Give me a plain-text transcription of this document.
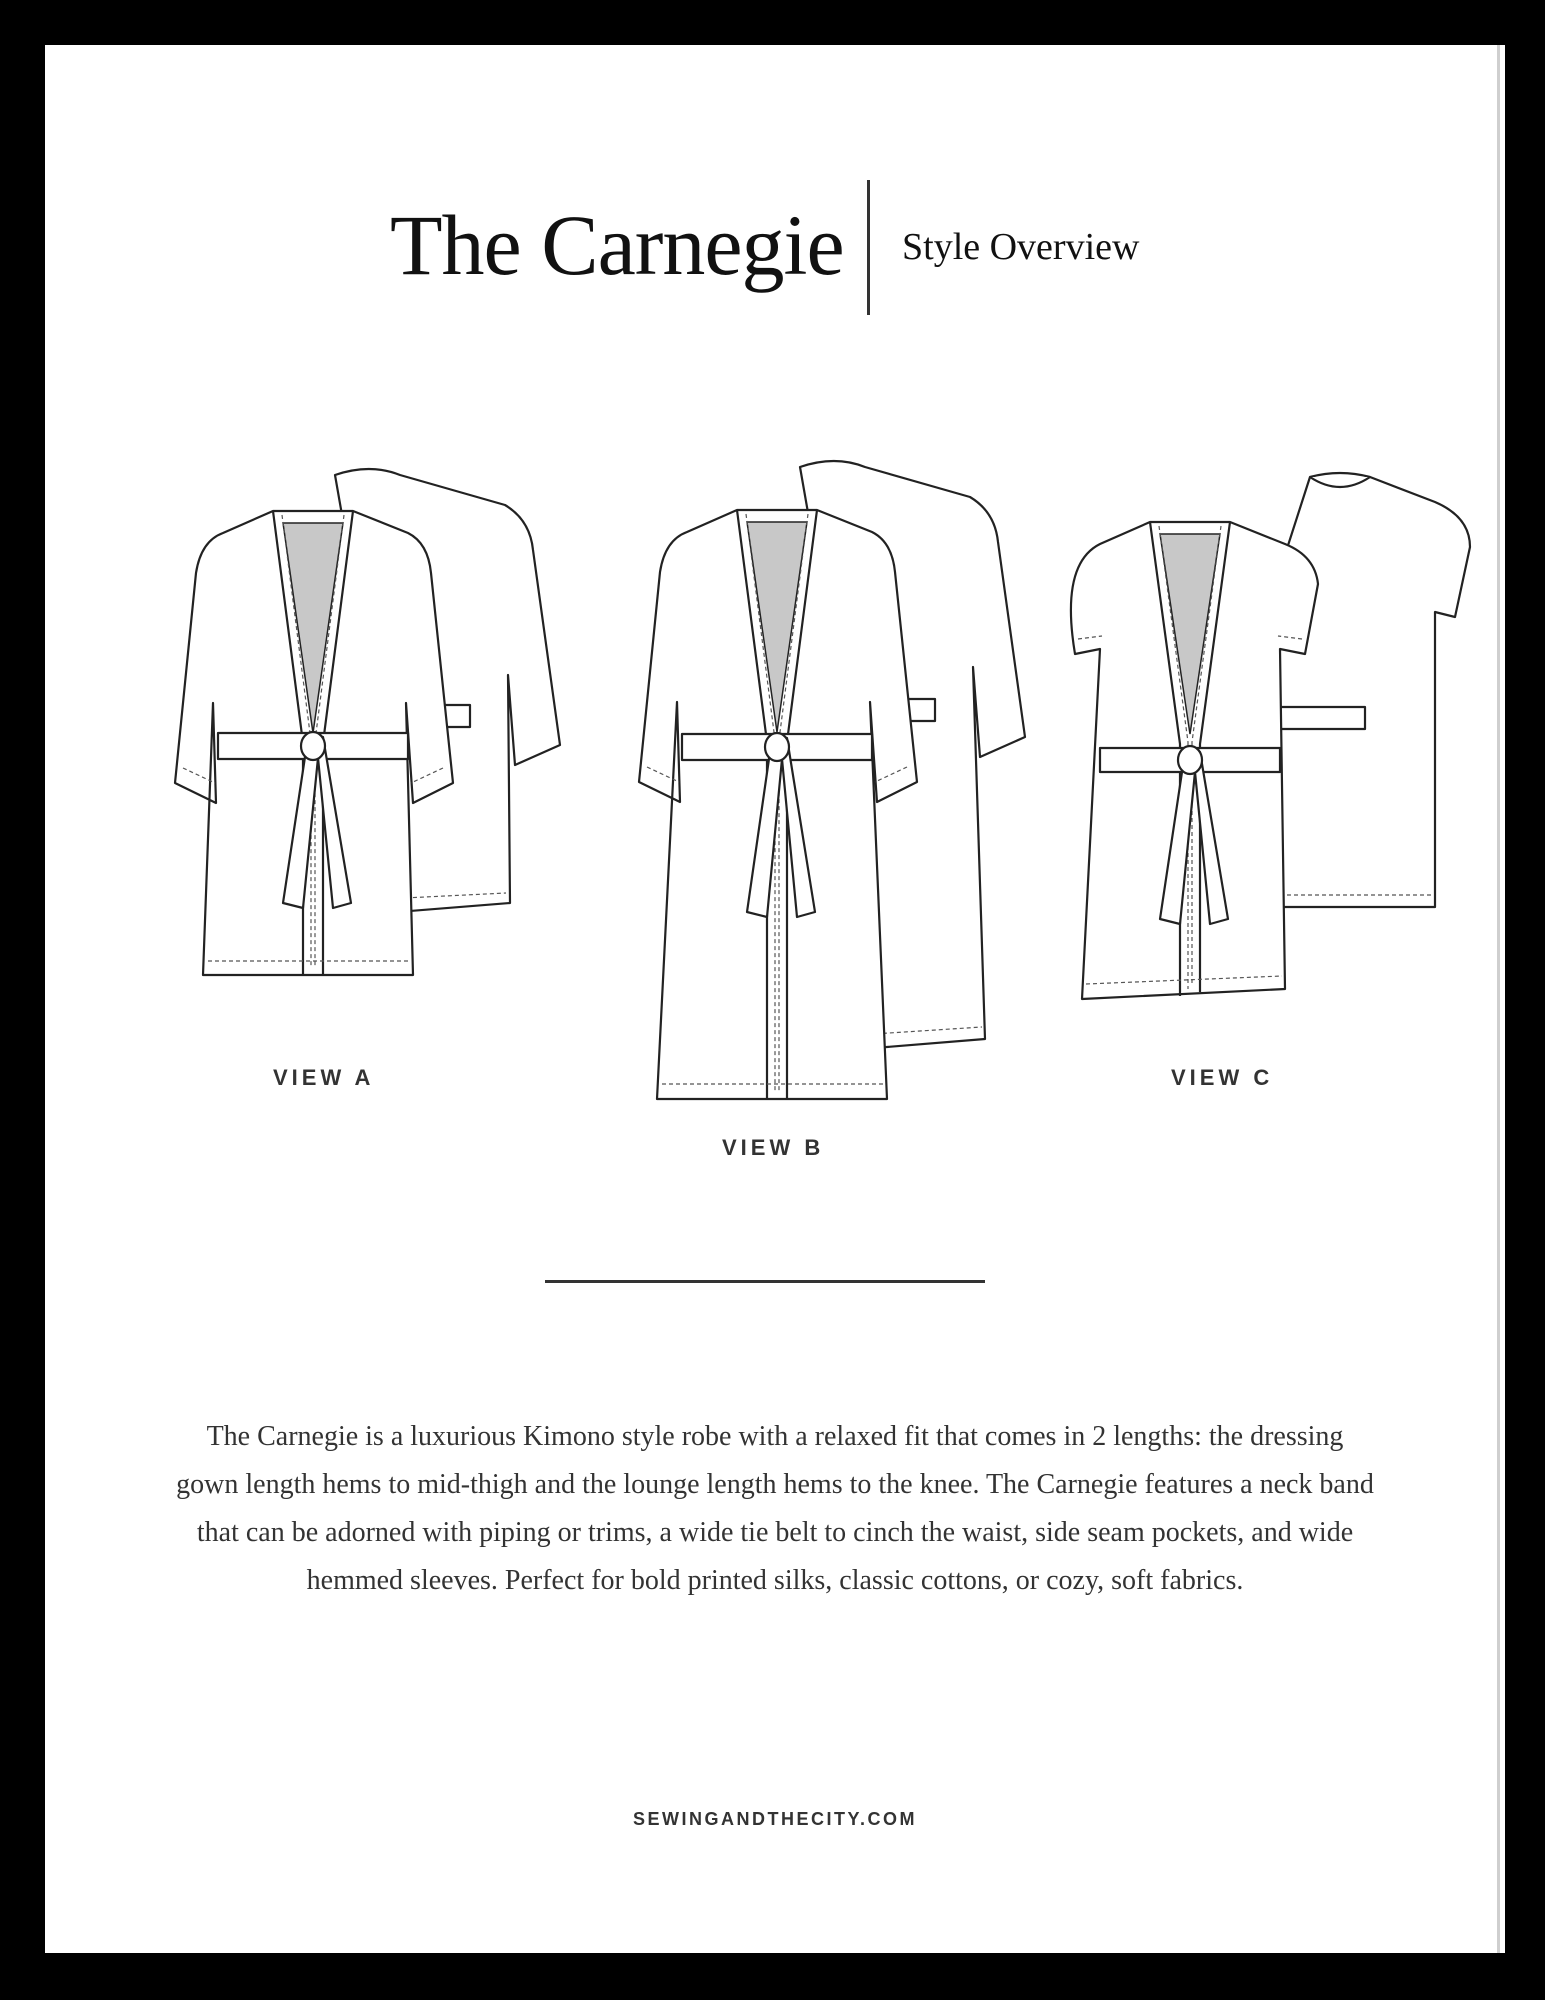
The Carnegie Style Overview
VIEW A
VIEW B
VIEW C

The Carnegie is a luxurious Kimono style robe with a relaxed fit that comes in 2 lengths: the dressing gown length hems to mid-thigh and the lounge length hems to the knee. The Carnegie features a neck band that can be adorned with piping or trims, a wide tie belt to cinch the waist, side seam pockets, and wide hemmed sleeves. Perfect for bold printed silks, classic cottons, or cozy, soft fabrics.

SEWINGANDTHECITY.COM
